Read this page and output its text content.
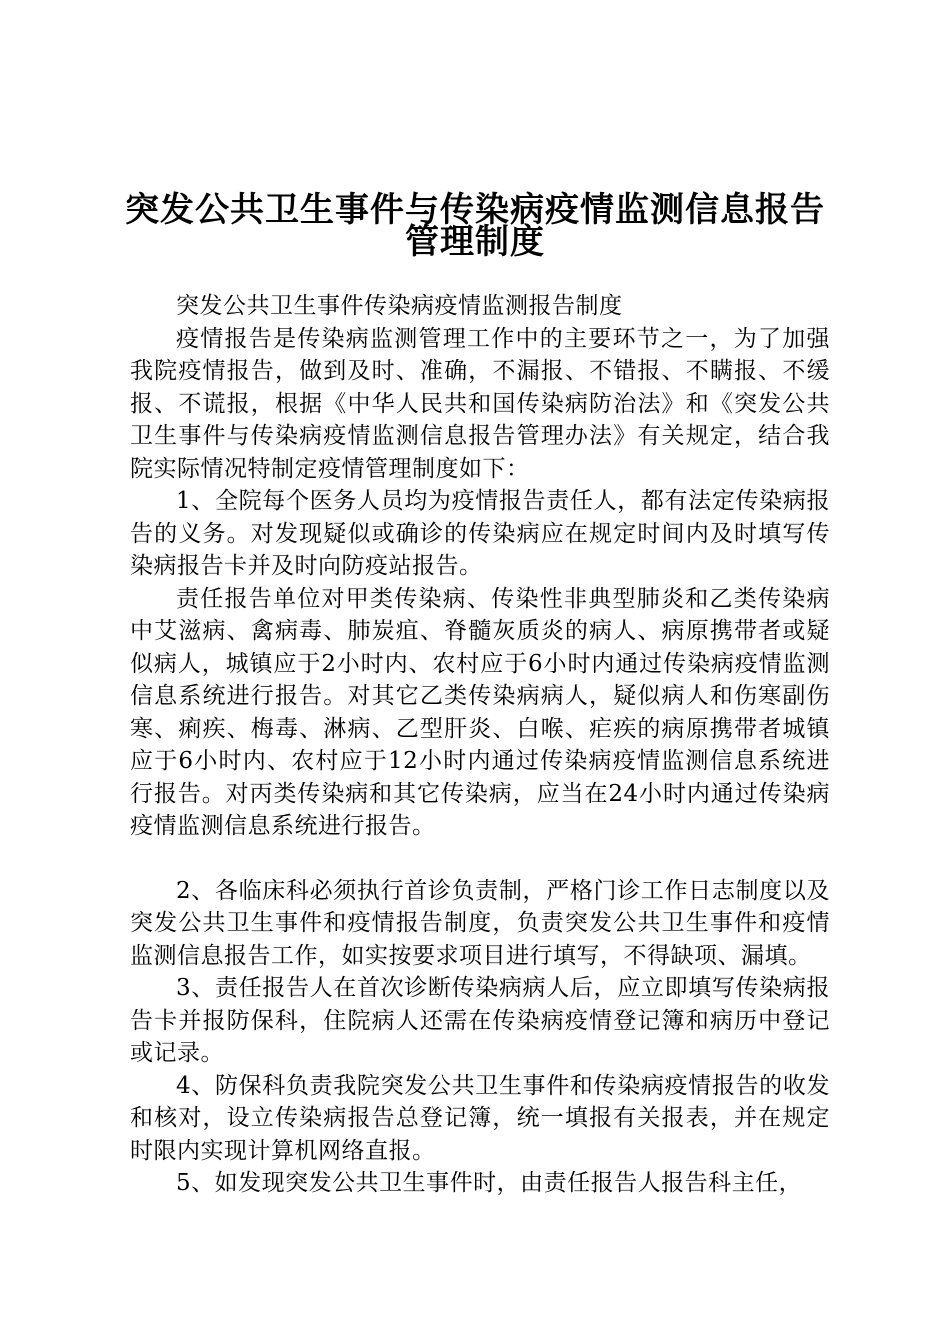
突发公共卫生事件与传染病疫情监测信息报告
管理制度

突发公共卫生事件传染病疫情监测报告制度

疫情报告是传染病监测管理工作中的主要环节之一，为了加强我院疫情报告，做到及时、准确，不漏报、不错报、不瞒报、不缓报、不谎报，根据《中华人民共和国传染病防治法》和《突发公共卫生事件与传染病疫情监测信息报告管理办法》有关规定，结合我院实际情况特制定疫情管理制度如下：

1、全院每个医务人员均为疫情报告责任人，都有法定传染病报告的义务。对发现疑似或确诊的传染病应在规定时间内及时填写传染病报告卡并及时向防疫站报告。

责任报告单位对甲类传染病、传染性非典型肺炎和乙类传染病中艾滋病、禽病毒、肺炭疽、脊髓灰质炎的病人、病原携带者或疑似病人，城镇应于2小时内、农村应于6小时内通过传染病疫情监测信息系统进行报告。对其它乙类传染病病人，疑似病人和伤寒副伤寒、痢疾、梅毒、淋病、乙型肝炎、白喉、疟疾的病原携带者城镇应于6小时内、农村应于12小时内通过传染病疫情监测信息系统进行报告。对丙类传染病和其它传染病，应当在24小时内通过传染病疫情监测信息系统进行报告。

2、各临床科必须执行首诊负责制，严格门诊工作日志制度以及突发公共卫生事件和疫情报告制度，负责突发公共卫生事件和疫情监测信息报告工作，如实按要求项目进行填写，不得缺项、漏填。

3、责任报告人在首次诊断传染病病人后，应立即填写传染病报告卡并报防保科，住院病人还需在传染病疫情登记簿和病历中登记或记录。

4、防保科负责我院突发公共卫生事件和传染病疫情报告的收发和核对，设立传染病报告总登记簿，统一填报有关报表，并在规定时限内实现计算机网络直报。

5、如发现突发公共卫生事件时，由责任报告人报告科主任，
